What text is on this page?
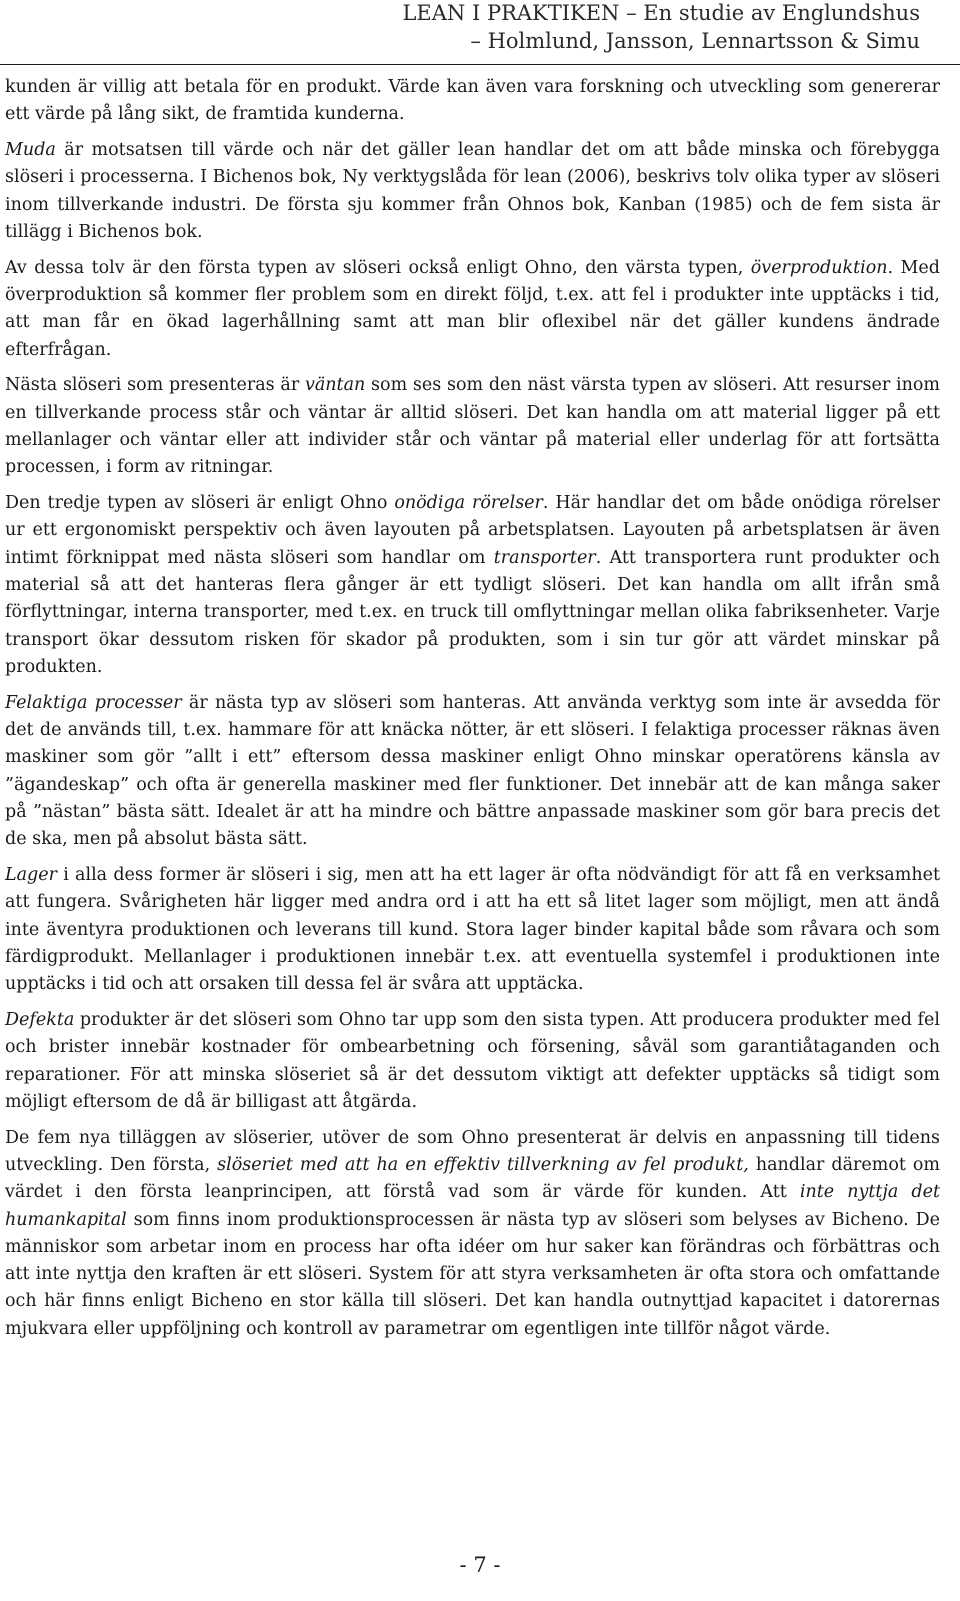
LEAN I PRAKTIKEN – En studie av Englundshus
– Holmlund, Jansson, Lennartsson & Simu

kunden är villig att betala för en produkt. Värde kan även vara forskning och utveckling som genererar ett värde på lång sikt, de framtida kunderna.

Muda är motsatsen till värde och när det gäller lean handlar det om att både minska och förebygga slöseri i processerna. I Bichenos bok, Ny verktygslåda för lean (2006), beskrivs tolv olika typer av slöseri inom tillverkande industri. De första sju kommer från Ohnos bok, Kanban (1985) och de fem sista är tillägg i Bichenos bok.

Av dessa tolv är den första typen av slöseri också enligt Ohno, den värsta typen, överproduktion. Med överproduktion så kommer fler problem som en direkt följd, t.ex. att fel i produkter inte upptäcks i tid, att man får en ökad lagerhållning samt att man blir oflexibel när det gäller kundens ändrade efterfrågan.

Nästa slöseri som presenteras är väntan som ses som den näst värsta typen av slöseri. Att resurser inom en tillverkande process står och väntar är alltid slöseri. Det kan handla om att material ligger på ett mellanlager och väntar eller att individer står och väntar på material eller underlag för att fortsätta processen, i form av ritningar.

Den tredje typen av slöseri är enligt Ohno onödiga rörelser. Här handlar det om både onödiga rörelser ur ett ergonomiskt perspektiv och även layouten på arbetsplatsen. Layouten på arbetsplatsen är även intimt förknippat med nästa slöseri som handlar om transporter. Att transportera runt produkter och material så att det hanteras flera gånger är ett tydligt slöseri. Det kan handla om allt ifrån små förflyttningar, interna transporter, med t.ex. en truck till omflyttningar mellan olika fabriksenheter. Varje transport ökar dessutom risken för skador på produkten, som i sin tur gör att värdet minskar på produkten.

Felaktiga processer är nästa typ av slöseri som hanteras. Att använda verktyg som inte är avsedda för det de används till, t.ex. hammare för att knäcka nötter, är ett slöseri. I felaktiga processer räknas även maskiner som gör ”allt i ett” eftersom dessa maskiner enligt Ohno minskar operatörens känsla av ”ägandeskap” och ofta är generella maskiner med fler funktioner. Det innebär att de kan många saker på ”nästan” bästa sätt. Idealet är att ha mindre och bättre anpassade maskiner som gör bara precis det de ska, men på absolut bästa sätt.

Lager i alla dess former är slöseri i sig, men att ha ett lager är ofta nödvändigt för att få en verksamhet att fungera. Svårigheten här ligger med andra ord i att ha ett så litet lager som möjligt, men att ändå inte äventyra produktionen och leverans till kund. Stora lager binder kapital både som råvara och som färdigprodukt. Mellanlager i produktionen innebär t.ex. att eventuella systemfel i produktionen inte upptäcks i tid och att orsaken till dessa fel är svåra att upptäcka.

Defekta produkter är det slöseri som Ohno tar upp som den sista typen. Att producera produkter med fel och brister innebär kostnader för ombearbetning och försening, såväl som garantiåtaganden och reparationer. För att minska slöseriet så är det dessutom viktigt att defekter upptäcks så tidigt som möjligt eftersom de då är billigast att åtgärda.

De fem nya tilläggen av slöserier, utöver de som Ohno presenterat är delvis en anpassning till tidens utveckling. Den första, slöseriet med att ha en effektiv tillverkning av fel produkt, handlar däremot om värdet i den första leanprincipen, att förstå vad som är värde för kunden. Att inte nyttja det humankapital som finns inom produktionsprocessen är nästa typ av slöseri som belyses av Bicheno. De människor som arbetar inom en process har ofta idéer om hur saker kan förändras och förbättras och att inte nyttja den kraften är ett slöseri. System för att styra verksamheten är ofta stora och omfattande och här finns enligt Bicheno en stor källa till slöseri. Det kan handla outnyttjad kapacitet i datorernas mjukvara eller uppföljning och kontroll av parametrar om egentligen inte tillför något värde.

- 7 -
